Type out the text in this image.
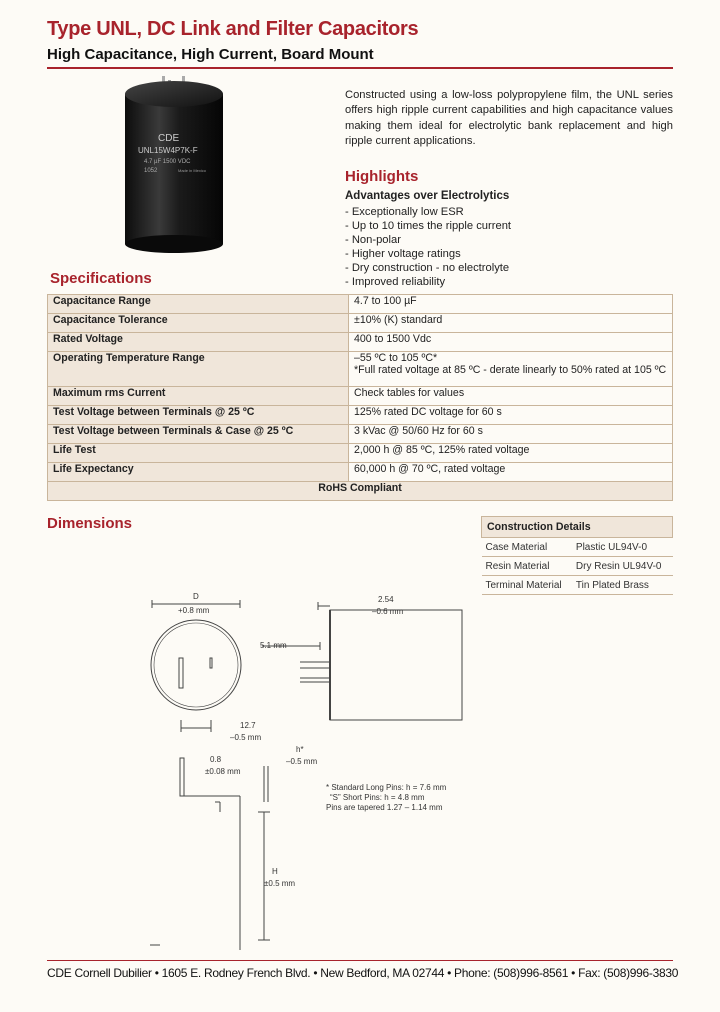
Type UNL, DC Link and Filter Capacitors
High Capacitance, High Current, Board Mount
CDE
UNL15W4P7K-F
4.7 µF 1500 VDC
1052	Made in Mexico
Constructed using a low-loss polypropylene film, the UNL series offers high ripple current capabilities and high capacitance values making them ideal for electrolytic bank replacement and high ripple current applications.
Highlights
Advantages over Electrolytics
- Exceptionally low ESR
- Up to 10 times the ripple current
- Non-polar
- Higher voltage ratings
- Dry construction - no electrolyte
- Improved reliability
Specifications
Capacitance Range	4.7 to 100 µF
Capacitance Tolerance	±10% (K) standard
Rated Voltage	400 to 1500 Vdc
Operating Temperature Range	–55 ºC to 105 ºC*
*Full rated voltage at 85 ºC - derate linearly to 50% rated at 105 ºC

Maximum rms Current	Check tables for values
Test Voltage between Terminals @ 25 ºC	125% rated DC voltage for 60 s
Test Voltage between Terminals & Case @ 25 ºC	3 kVac @ 50/60 Hz for 60 s
Life Test	2,000 h @ 85 ºC, 125% rated voltage
Life Expectancy	60,000 h @ 70 ºC, rated voltage
RoHS Compliant	
Dimensions	Construction Details	
Case Material	Plastic UL94V-0
Resin Material	Dry Resin UL94V-0
Terminal Material	Tin Plated Brass
D
+0.8 mm
2.54
–0.6 mm
5.1 mm
12.7
–0.5 mm
0.8
±0.08 mm
h*
–0.5 mm
* Standard Long Pins: h = 7.6 mm
“S” Short Pins: h = 4.8 mm
Pins are tapered 1.27 – 1.14 mm
H
±0.5 mm
CDE Cornell Dubilier • 1605 E. Rodney French Blvd. • New Bedford, MA 02744 • Phone: (508)996-8561 • Fax: (508)996-3830
